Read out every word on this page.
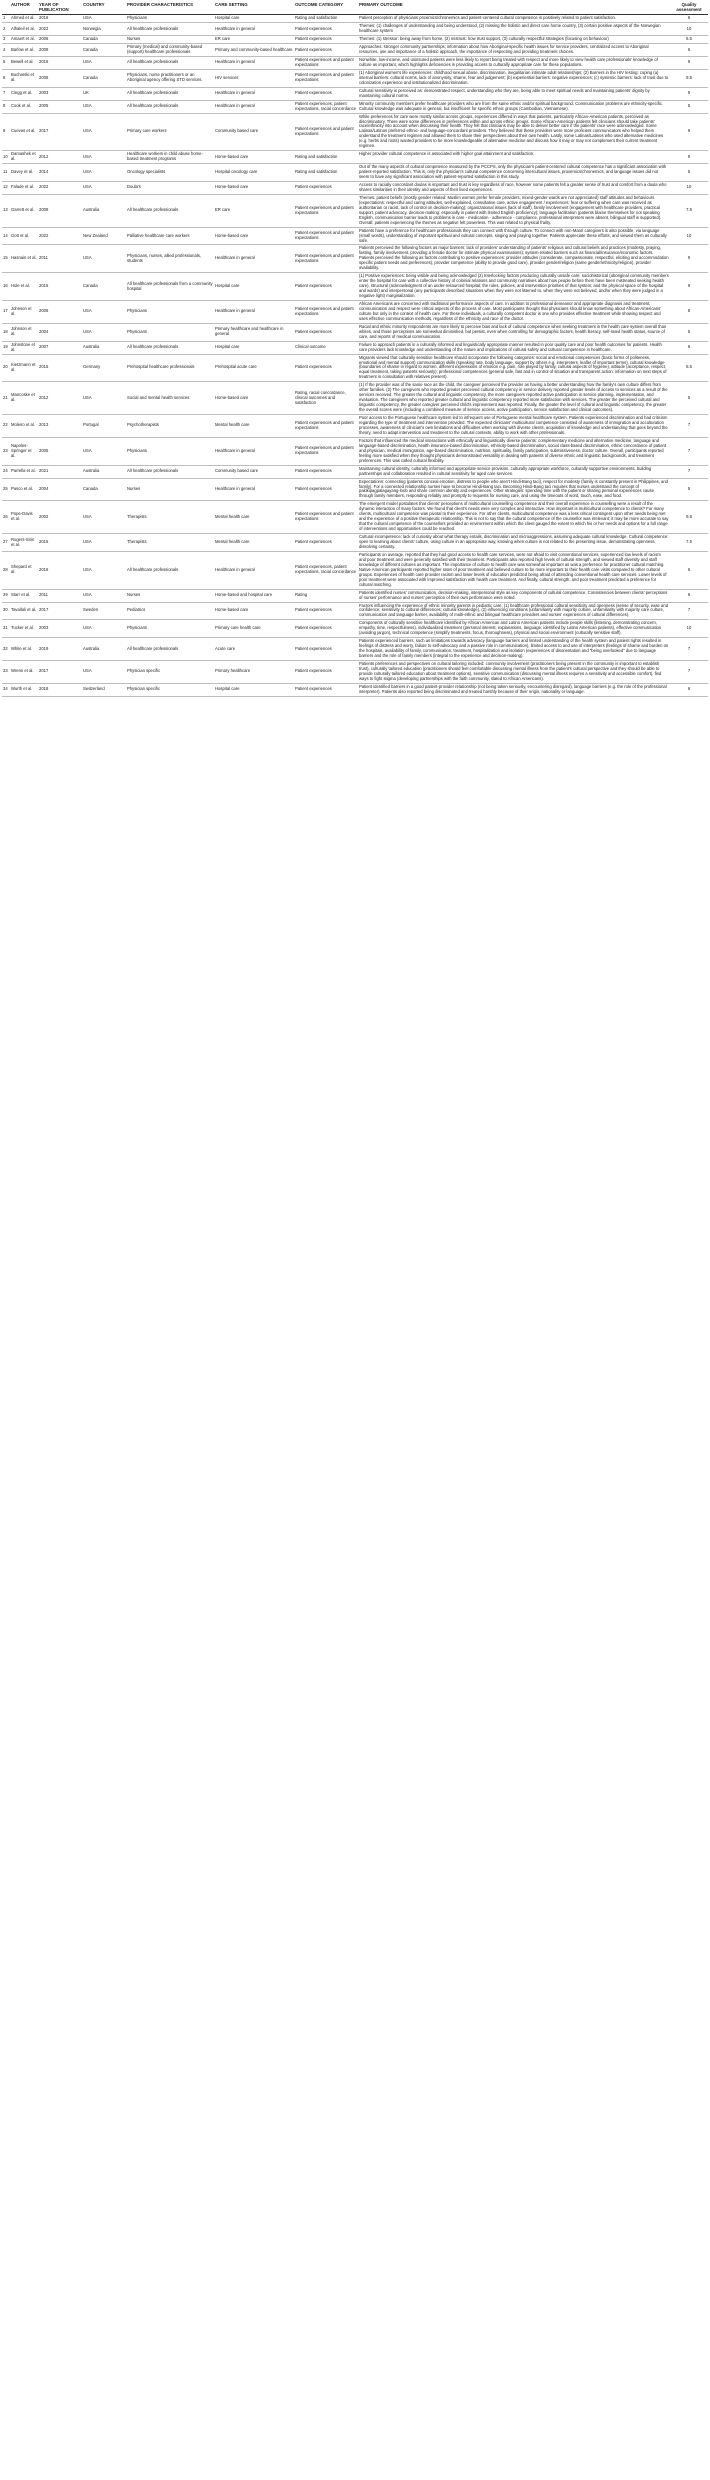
	AUTHOR	YEAR OF PUBLICATION	COUNTRY	PROVIDER CHARACTERISTICS	CARE SETTING	OUTCOME CATEGORY	PRIMARY OUTCOME	Quality assessment
1	Ahmed et al.	2016	USA	Physicians	Hospital care	Rating and satisfaction	Patient perception of physicians proximics/chronemics and patient-centered cultural competence is positively related to patient satisfaction.	6
2	Alhaleil et al.	2022	Norwegia	All healthcare professionals	Healthcare in general	Patient experiences	Themes: (1) challenges of understanding and being understood, (2) missing the holistic and direct care home country, (3) certain positive aspects of the Norwegian healthcare system	10
3	Amaert et al.	2006	Canada	Nurses	ER care	Patient experiences	Themes: (1) stressor: being away from home, (2) mistrust: how trust support, (3) culturally respectful strategies (focusing on behaviour)	6.5
4	Barlow et al.	2008	Canada	Primary (medical) and community-based (support) healthcare professionals	Primary and community-based healthcare	Patient experiences	Approaches: stronger community partnerships; information about how Aboriginal-specific health issues for service providers, centralized access to Aboriginal resources, use and importance of a holistic approach, the importance of respecting and providing treatment choices.	6
5	Bewell et al.	2016	USA	All healthcare professionals	Healthcare in general	Patient experiences and patient expectations	Nonwhite, low-income, and uninsured patients were less likely to report being treated with respect and more likely to view health care professionals' knowledge of culture as important, which highlights deficiencies in providing access to culturally appropriate care for these populations.	9
6	Bucharski et al.	2006	Canada	Physicians, nurse practitioners or an Aboriginal agency offering STD services.	HIV services	Patient experiences and patient expectations	(1) Aboriginal women's life experiences: childhood sexual abuse, discrimination, inegalitarian intimate adult relationships; (2) Barriers in the HIV testing: coping (a) internal barriers: cultural norms, lack of anonymity, shame, fear and judgement; (b) experiential barriers: negative experiences; (c) systemic barriers: lack of trust due to colonization experience and institutionalized discrimination.	9.5
7	Clegg et al.	2003	UK	All healthcare professionals	Healthcare in general	Patient experiences	Cultural sensitivity is perceived as: demonstrated respect, understanding who they are, being able to meet spiritual needs and maintaining patients' dignity by maintaining cultural norms.	5
8	Cook et al.	2005	USA	All healthcare professionals	Healthcare in general	Patient experiences, patient expectations, racial concordance	Minority community members prefer healthcare providers who are from the same ethnic and/or spiritual background. Communication problems are ethnicity-specific. Cultural knowledge was adequate in general, but insufficient for specific ethnic groups (Cambodian, Vietnamese).	5
9	Cuevas et al.	2017	USA	Primary care workers	Community based care	Patient experiences and patient expectations	While preferences for care were mostly similar across groups, experiences differed in ways that patients, particularly African-American patients, perceived as discriminatory. There were some differences in preferences within and across ethnic groups. Some African-American patients felt clinicians should take patients' race/ethnicity into account when discussing their health. They felt that clinicians may be able to deliver better care if the patients' race were acknowledged. Some Latinas/Latinos preferred ethnic- and language-concordant providers. They believed that these providers were more proficient communicators who helped them understand the treatment regimen and allowed them to share their perspectives about their own health. Lastly, some Latinas/Latinos who used alternative medicines (e.g. herbs and roots) wanted providers to be more knowledgeable of alternative medicine and discuss how it may or may not complement their current treatment regimen.	9
10	Damashek et al.	2012	USA	Healthcare workers in child abuse home-based treatment programs	Home-based care	Rating and satisfaction	Higher provider cultural competence is associated with higher goal attainment and satisfaction.	9
11	Davey et al.	2014	USA	Oncology specialists	Hospital oncology care	Rating and satisfaction	Out of the many aspects of cultural competence measured by the PCCPS, only the physician's patient-centered cultural competence has a significant association with patient-reported satisfaction. This is, only the physician's cultural competence concerning intercultural issues, proxemics/chronemics, and language issues did not seem to have any significant association with patient-reported satisfaction in this study.	5
12	Falade et al.	2022	USA	Doula's	Home-based care	Patient experiences	Access to racially concordant doulas is important and trust is key regardless of race, however some patients felt a greater sense of trust and comfort from a doula who shares similarities in their identity and aspects of their lived experiences.	10
13	Garrett et al.	2008	Australia	All healthcare professionals	ER care	Patient experiences and patient expectations	Themes: patient beliefs (mostly gender related: Muslim women prefer female providers, mixed-gender wards are not appreciated) staff attitudes and behaviours (expectations: respectful and caring attitudes, well-explained, consultative care, active engagement / experiences: fear or suffering when care was received as authoritarian or racist, lack of control on decision-making); organizational issues (lack of staff), family involvement (engagement with healthcare providers, practical support, patient advocacy, decision-making: especially in patient with limited English proficiency); language facilitation (patients blame themselves for not speaking English, communication barrier leads to problems in care - medication - adherence - compliance, professional interpreters were absent, bilingual staff is supported). Overall: patients experiencing the themes as negative felt powerless. This was related to physical frailty.	7.5
14	Gott et al.	2022	New Zealand	Palliative healthcare care workers	Home-based care	Patient experiences and patient expectations	Patients have a preference for healthcare professionals they can connect with through culture. To connect with non-Maori caregivers is also possible, via language (small words), understanding of important spiritual and cultural concepts, singing and praying together. Patients appreciate these efforts, and viewed them as culturally safe.	10
15	Hasnain et al.	2011	USA	Physicians, nurses, allied professionals, students	Healthcare in general	Patient experiences and patient expectations	Patients perceived the following factors as major barriers: lack of providers' understanding of patients' religious and cultural beliefs and practices (modesty, praying, fasting, family involvement, providing a female doctor for intimate physical examinations); system-related barriers such as financial/insurance/economic factors. Patients perceived the following as factors contributing to positive experiences: provider attitudes (considerate, compassionate, respectful, eliciting and accommodation specific patient needs and preferences), provider competence (ability to provide good care), provider gender/religion (same gender/ethnicity/religion), provider availability.	9
16	Hole et al.	2015	Canada	All healthcare professionals from a community hospital	Hospital care	Patient experiences	(1) Positive experiences: being visible and being acknowledged (2) Interlocking factors producing culturally unsafe care: sociohistorical (aboriginal community members enter the hospital for care with a collective history of colonial relations and community narratives about how people before them have been mistreated seeking health care), structural (acknowledgment of an under-resourced hospital: the rules, policies, and intervention priorities of that system; and the physical space of the hospital and wards) and interpersonal (any participants described situations when they were not listened to, when they were not believed, and/or when they were judged in a negative light) marginalization.	9
17	Johnson et al.	2006	USA	Physicians	Healthcare in general	Patient experiences and patient expectations	African Americans are concerned with traditional performance aspects of care. In addition to professional demeanor and appropriate diagnosis and treatment, communication and respect were critical aspects of the process of care. Most participants thought that physicians should know something about African-Americans' culture but only in the context of health care. For these individuals, a culturally competent doctor is one who provides effective treatment while showing respect and uses effective communication methods, regardless of the ethnicity and race of the doctor.	8
18	Johnson et al.	2004	USA	Physicians	Primary healthcare and healthcare in general	Patient experiences	Racial and ethnic minority respondents are more likely to perceive bias and lack of cultural competence when seeking treatment in the health care system overall than whites, and those perceptions are somewhat diminished, but persist, even when controlling for demographic factors, health literacy, self-rated health status, source of care, and reports of medical communication.	5
19	Johnstone et al.	2007	Australia	All healthcare professionals	Hospital care	Clinical outcome	Failure to approach patients in a culturally informed and linguistically appropriate manner resulted in poor quality care and poor health outcomes for patients. Health care providers lack knowledge and understanding of the nature and implications of cultural safety and cultural competence in healthcare.	6
20	Kietzmann et al.	2015	Germany	Prehospital healthcare professionals	Prehospital acute care	Patient experiences	Migrants viewed that culturally sensitive healthcare should incorporate the following categories: social and emotional competences (basic forms of politeness, emotional and mental support) communication skills (speaking rate, body language, support by others e.g. interpreters, leaflet of important terms), cultural knowledge (boundaries of shame in regard to women, different expressions of emotion e.g. pain, role played by family, cultural aspects of hygiene), attitude (acceptance, respect, equal treatment, taking patients seriously); professional competences (general safe, fast and in control of situation and transparent action: information on next steps of treatment in consultation with relatives present).	8.5
21	Mancoske et al.	2012	USA	Social and mental health services	Home-based care	Rating, racial concordance, clinical outcomes and satisfaction	(1) If the provider was of the same race as the child, the caregiver perceived the provider as having a better understanding how the family's own culture differs from other families. (2) The caregivers who reported greater perceived cultural competency in service delivery reported greater levels of access to services as a result of the services received. The greater the cultural and linguistic competency, the more caregivers reported active participation in service planning, implementation, and evaluation. The caregivers who reported greater cultural and linguistic competency reported more satisfaction with services. The greater the perceived cultural and linguistic competency, the greater caregiver perceived child's improvement was reported. Finally, the greater the level of cultural and linguistic competency, the greater the overall scores were (including a combined measure of service access, active participation, service satisfaction and clinical outcomes).	5
22	Moleiro et al.	2013	Portugal	Psychotherapists	Mental health care	Patient experiences and patient expectations	Poor access to the Portuguese healthcare system led to infrequent use of Portuguese mental healthcare system. Patients experienced discrimination and had criticism regarding the type of treatment and intervention provided. The expected clinicians' multicultural competence consisted of awareness of immigration and acculturation processes, awareness of clinician's own limitations and difficulties when working with diverse clients, acquisition of knowledge and understanding that goes beyond the theory, need to adapt intervention and treatment to the cultural contexts, ability to work with other professionals.	7
23	Napoles-Springer et al.	2005	USA	Physicians	Healthcare in general	Patient experiences and patient expectations	Factors that influenced the medical interactions with ethnically and linguistically diverse patients: complementary medicine and alternative medicine, language and language-based discrimination, health insurance-based discrimination, ethnicity-based discrimination, social class-based discrimination, ethnic concordance of patient and physician, medical immigration, age-based discrimination, nutrition, spirituality, family participation, submissiveness, doctor culture. Overall, participants reported feeling more satisfied when they thought physicians demonstrated versatility in dealing with patients of diverse ethnic and linguistic backgrounds, and treatment preferences. This was called cultural flexibility.	7
24	Parrella et al.	2021	Australia	All healthcare professionals	Community based care	Patient experiences	Maintaining cultural identity, culturally informed and appropriate service provision, culturally appropriate workforce, culturally supportive environments, building partnerships and collaboration resulted in cultural sensitivity for aged care services.	7
25	Pasco et al.	2004	Canada	Nurses	Healthcare in general	Patient experiences	Expectations: connecting (patients conceal emotion, distress to people who aren't Hindi-Bang taci), respect for modesty (family is constantly present in Philippines, and family). For a connected relationship nurses have to become Hindi-Bang taci. Becoming Hindi-Bang taci requires that nurses understand the concept of pakikipagpalagayang-loob and share common identity and experiences. Other strategies: spending time with the patient or sharing personal experiences cause through family members, responding reliably and promptly to requests for nursing care, and using the timeouts of word, touch, ease, and food.	5
26	Pope-Davis et al.	2002	USA	Therapists	Mental health care	Patient experiences and patient expectations	The emergent model postulates that clients' perceptions of multicultural counselling competence and their overall experience in counselling were a result of the dynamic interaction of many factors. We found that client's needs were very complex and interactive. How important is multicultural competence to clients? For many clients, multicultural competence was pivotal to their experience. For other clients, multicultural competence was a less critical contingent upon other needs being met and the experience of a positive therapeutic relationship. This is not to say that the cultural competence of the counsellor was irrelevant; it may be more accurate to say that the cultural competence of the counsellors provided an environment within which the client gauged the extent to which his or her needs and options for a full range of interventions and opportunities could be reached.	9.5
27	Rogers-Sirin et al.	2015	USA	Therapists	Mental health care	Patient experiences	Cultural incompetence: lack of curiosity about what therapy entails, discrimination and microaggressions, assuming adequate cultural knowledge. Cultural competence: open to learning about clients' culture, using culture in an appropriate way, knowing when culture is not related to the presenting issue, demonstrating openness, dissolving certainty.	7.5
28	Shepard et al.	2016	USA	All healthcare professionals	Healthcare in general	Patient experiences, patient expectations, racial concordance	Participants on average, reported that they had good access to health care services, were not afraid to visit conventional services, experienced low levels of racism and poor treatment and were generally satisfied with their treatment. Participants also reported high levels of cultural strength, and viewed staff diversity and staff knowledge of different cultures as important. The importance of culture to health care was somewhat important as was a preference for practitioner cultural matching. Native American participants reported higher rates of poor treatment and believed culture to be more important to their health care visits compared to other cultural groups. Experiences of health care provider racism and lower levels of education predicted being afraid of attending conventional health care services. Lower levels of poor treatment were associated with improved satisfaction with health care treatment. And finally, cultural strength, and poor treatment predicted a preference for cultural matching.	6
29	Starr et al.	2011	USA	Nurses	Home-based and hospital care	Rating	Patients identified nurses' communication, decision-making, interpersonal style as key components of cultural competence. Consistencies between clients' perceptions of nurses' performance and nurses' perception of their own performance were noted.	6
30	Tavallali et al.	2017	Sweden	Pediatrics	Home-based care	Patient experiences	Factors influencing the experience of ethnic minority parents in pediatric care: (1) healthcare professional cultural sensitivity and openness (sense of security, ease and confidence; sensitivity to cultural differences; cultural knowledge), (2) influencing conditions (unfamiliarity with majority culture, unfamiliarity with majority care culture, communication and language barrier, availability of multi-ethnic and bilingual healthcare providers and nurses' experiences of cultural differences).	7
31	Tucker et al.	2003	USA	Physicians	Primary care health care	Patient experiences	Components of culturally sensitive healthcare identified by African American and Latino American patients include people skills (listening, demonstrating concern, empathy, time, respectfulness), individualized treatment (personal interest, explanations, language; identified by Latino American patients), effective communication (avoiding jargon), technical competence (simplify treatments, focus, thoroughness), physical and social environment (culturally sensitive staff).	10
32	White et al.	2019	Australia	All healthcare professionals	Acute care	Patient experiences	Patients experienced barriers, such as limitations towards advocacy (language barriers and limited understanding of the health system and patient rights resulted in feelings of distress and worry, failure to self-advocacy and a passive role in communication), limited access to and use of interpreters (feelings of shame and burden on the hospitals, availability of family, communication, treatment, hospitalization and isolation (experiences of disorientation and "being overlooked" due to language barriers and the role of family members (integral to the experience and decision-making).	7
33	Wrenn et al.	2017	USA	Physician specific	Primary healthcare	Patient experiences	Patients preferences and perspectives on cultural tailoring included: community involvement (practitioners being present in the community is important to establish trust), culturally tailored education (practitioners should feel comfortable discussing mental illness from the patient's cultural perspective and they should be able to provide culturally tailored education about treatment options), sensitive communication (discussing mental illness requires a sensitivity and accessible comfort), find ways to fight stigma (developing partnerships with the faith community, slated to African Americans).	7
34	Wurth et al.	2018	Switzerland	Physician specific	Hospital care	Patient experiences	Patient identified barriers in a good patient-provider relationship (not being taken seriously, encountering disregard), language barriers (e.g. the role of the professional interpreter). Patients also reported being discriminated and treated harshly because of their origin, nationality or language.	6
